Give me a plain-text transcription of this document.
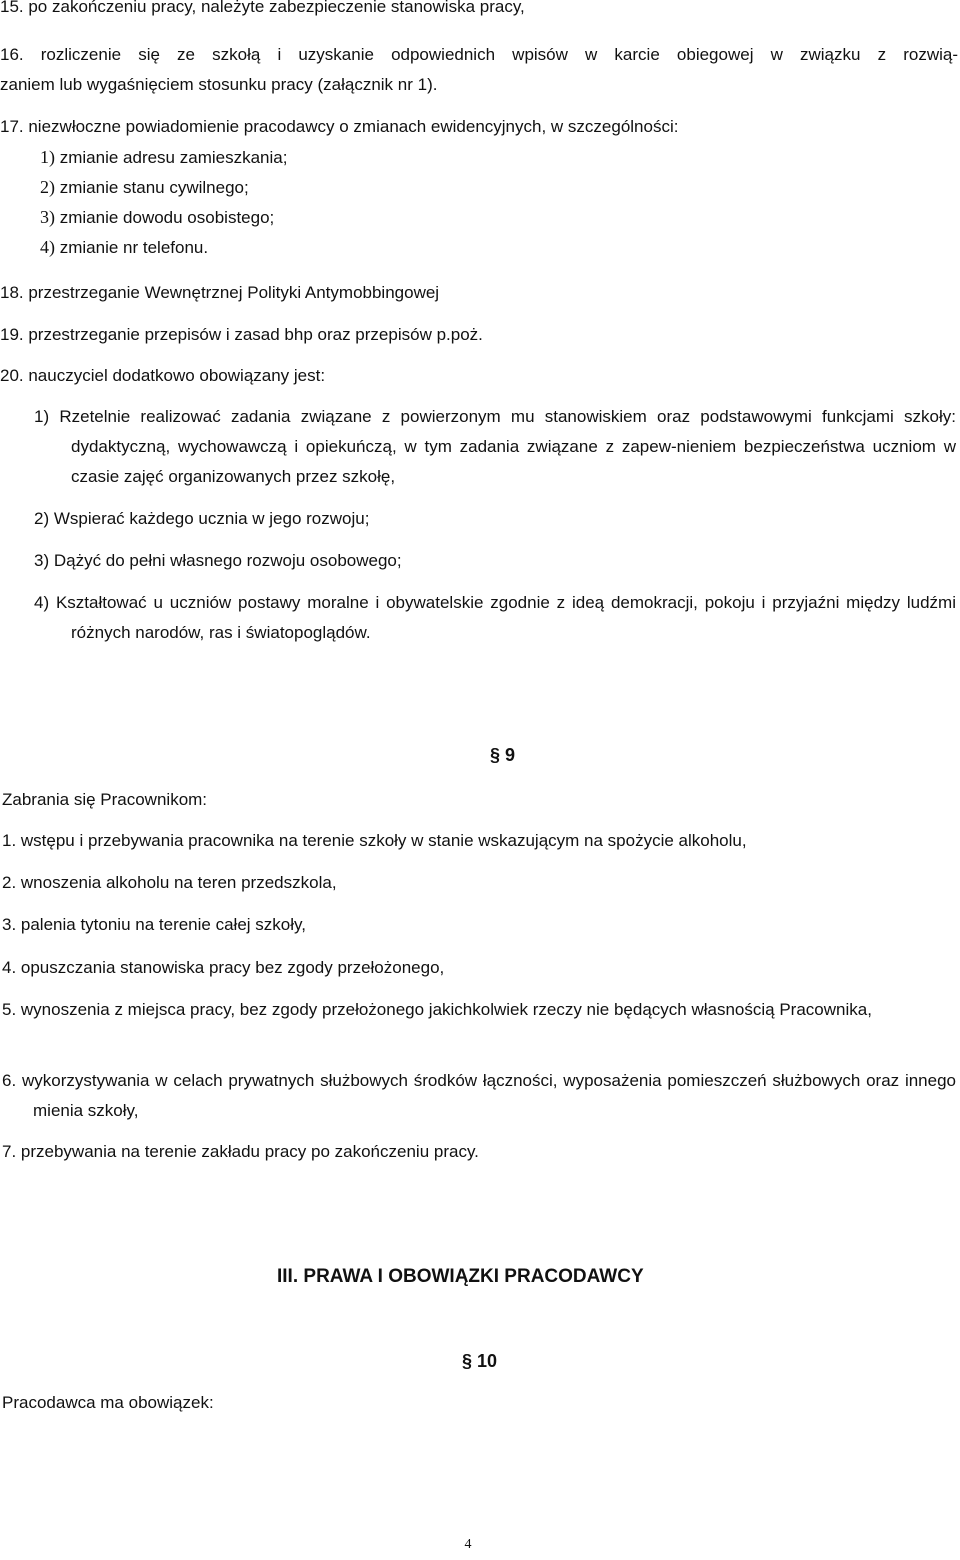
15. po zakończeniu pracy, należyte zabezpieczenie stanowiska pracy,
16. rozliczenie się ze szkołą i uzyskanie odpowiednich wpisów w karcie obiegowej w związku z rozwią-
zaniem lub wygaśnięciem stosunku pracy (załącznik nr 1).
17. niezwłoczne powiadomienie pracodawcy o zmianach ewidencyjnych, w szczególności:
1) zmianie adresu zamieszkania;
2) zmianie stanu cywilnego;
3) zmianie dowodu osobistego;
4) zmianie nr telefonu.
18. przestrzeganie Wewnętrznej Polityki Antymobbingowej
19. przestrzeganie przepisów i zasad bhp oraz przepisów p.poż.
20. nauczyciel dodatkowo obowiązany jest:
1) Rzetelnie realizować zadania związane z powierzonym mu stanowiskiem oraz podstawowymi funkcjami szkoły: dydaktyczną, wychowawczą i opiekuńczą, w tym zadania związane z zapew-nieniem bezpieczeństwa uczniom w czasie zajęć organizowanych przez szkołę,
2) Wspierać każdego ucznia w jego rozwoju;
3) Dążyć do pełni własnego rozwoju osobowego;
4) Kształtować u uczniów postawy moralne i obywatelskie zgodnie z ideą demokracji, pokoju i przyjaźni między ludźmi różnych narodów, ras i światopoglądów.
§ 9
Zabrania się Pracownikom:
1. wstępu i przebywania pracownika na terenie szkoły w stanie wskazującym na spożycie alkoholu,
2. wnoszenia alkoholu na teren przedszkola,
3. palenia tytoniu na terenie całej szkoły,
4. opuszczania stanowiska pracy bez zgody przełożonego,
5. wynoszenia z miejsca pracy, bez zgody przełożonego jakichkolwiek rzeczy nie będących własnością Pracownika,
6. wykorzystywania w celach prywatnych służbowych środków łączności, wyposażenia pomieszczeń służbowych oraz innego mienia szkoły,
7. przebywania na terenie zakładu pracy po zakończeniu pracy.
III. PRAWA I OBOWIĄZKI PRACODAWCY
§ 10
Pracodawca ma obowiązek:
4
